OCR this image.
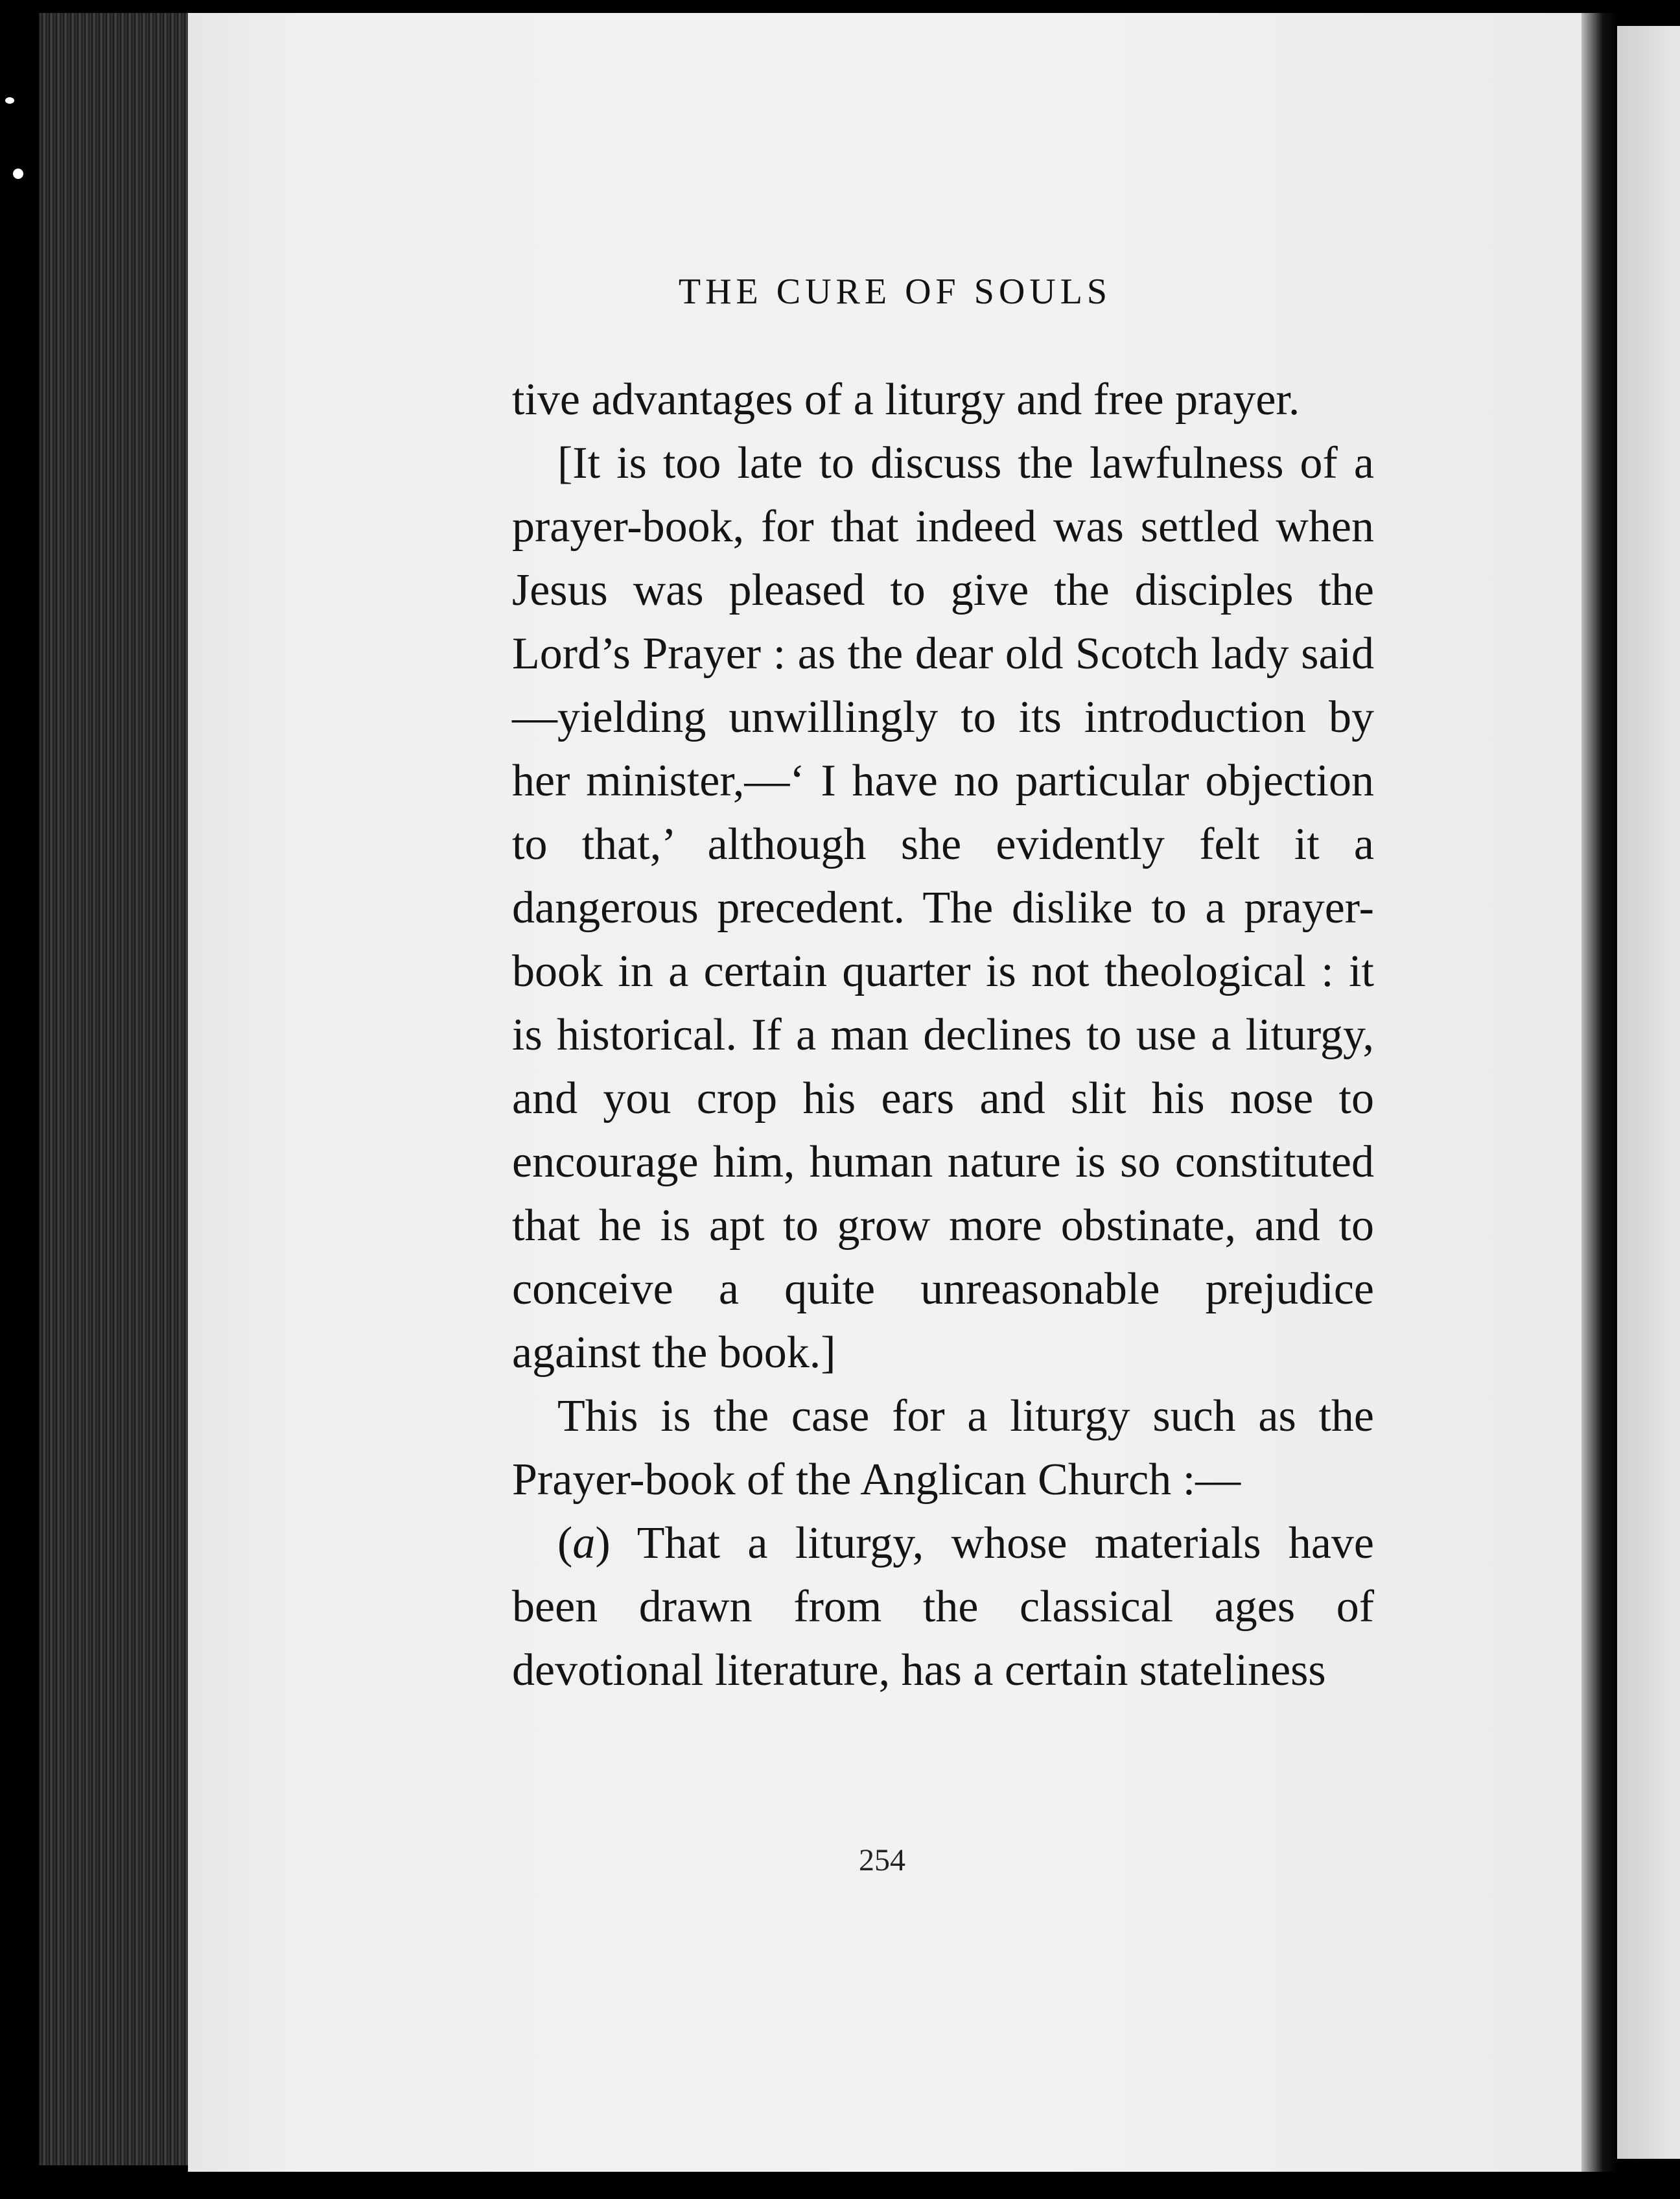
THE CURE OF SOULS

tive advantages of a liturgy and free prayer.

[It is too late to discuss the lawfulness of a prayer-book, for that indeed was settled when Jesus was pleased to give the disciples the Lord’s Prayer : as the dear old Scotch lady said—yielding unwillingly to its introduction by her minister,—‘ I have no particular objection to that,’ although she evidently felt it a dangerous precedent. The dislike to a prayer-book in a certain quarter is not theological : it is historical. If a man declines to use a liturgy, and you crop his ears and slit his nose to encourage him, human nature is so constituted that he is apt to grow more obstinate, and to conceive a quite unreasonable prejudice against the book.]

This is the case for a liturgy such as the Prayer-book of the Anglican Church :—

(a) That a liturgy, whose materials have been drawn from the classical ages of devotional literature, has a certain stateliness

254
